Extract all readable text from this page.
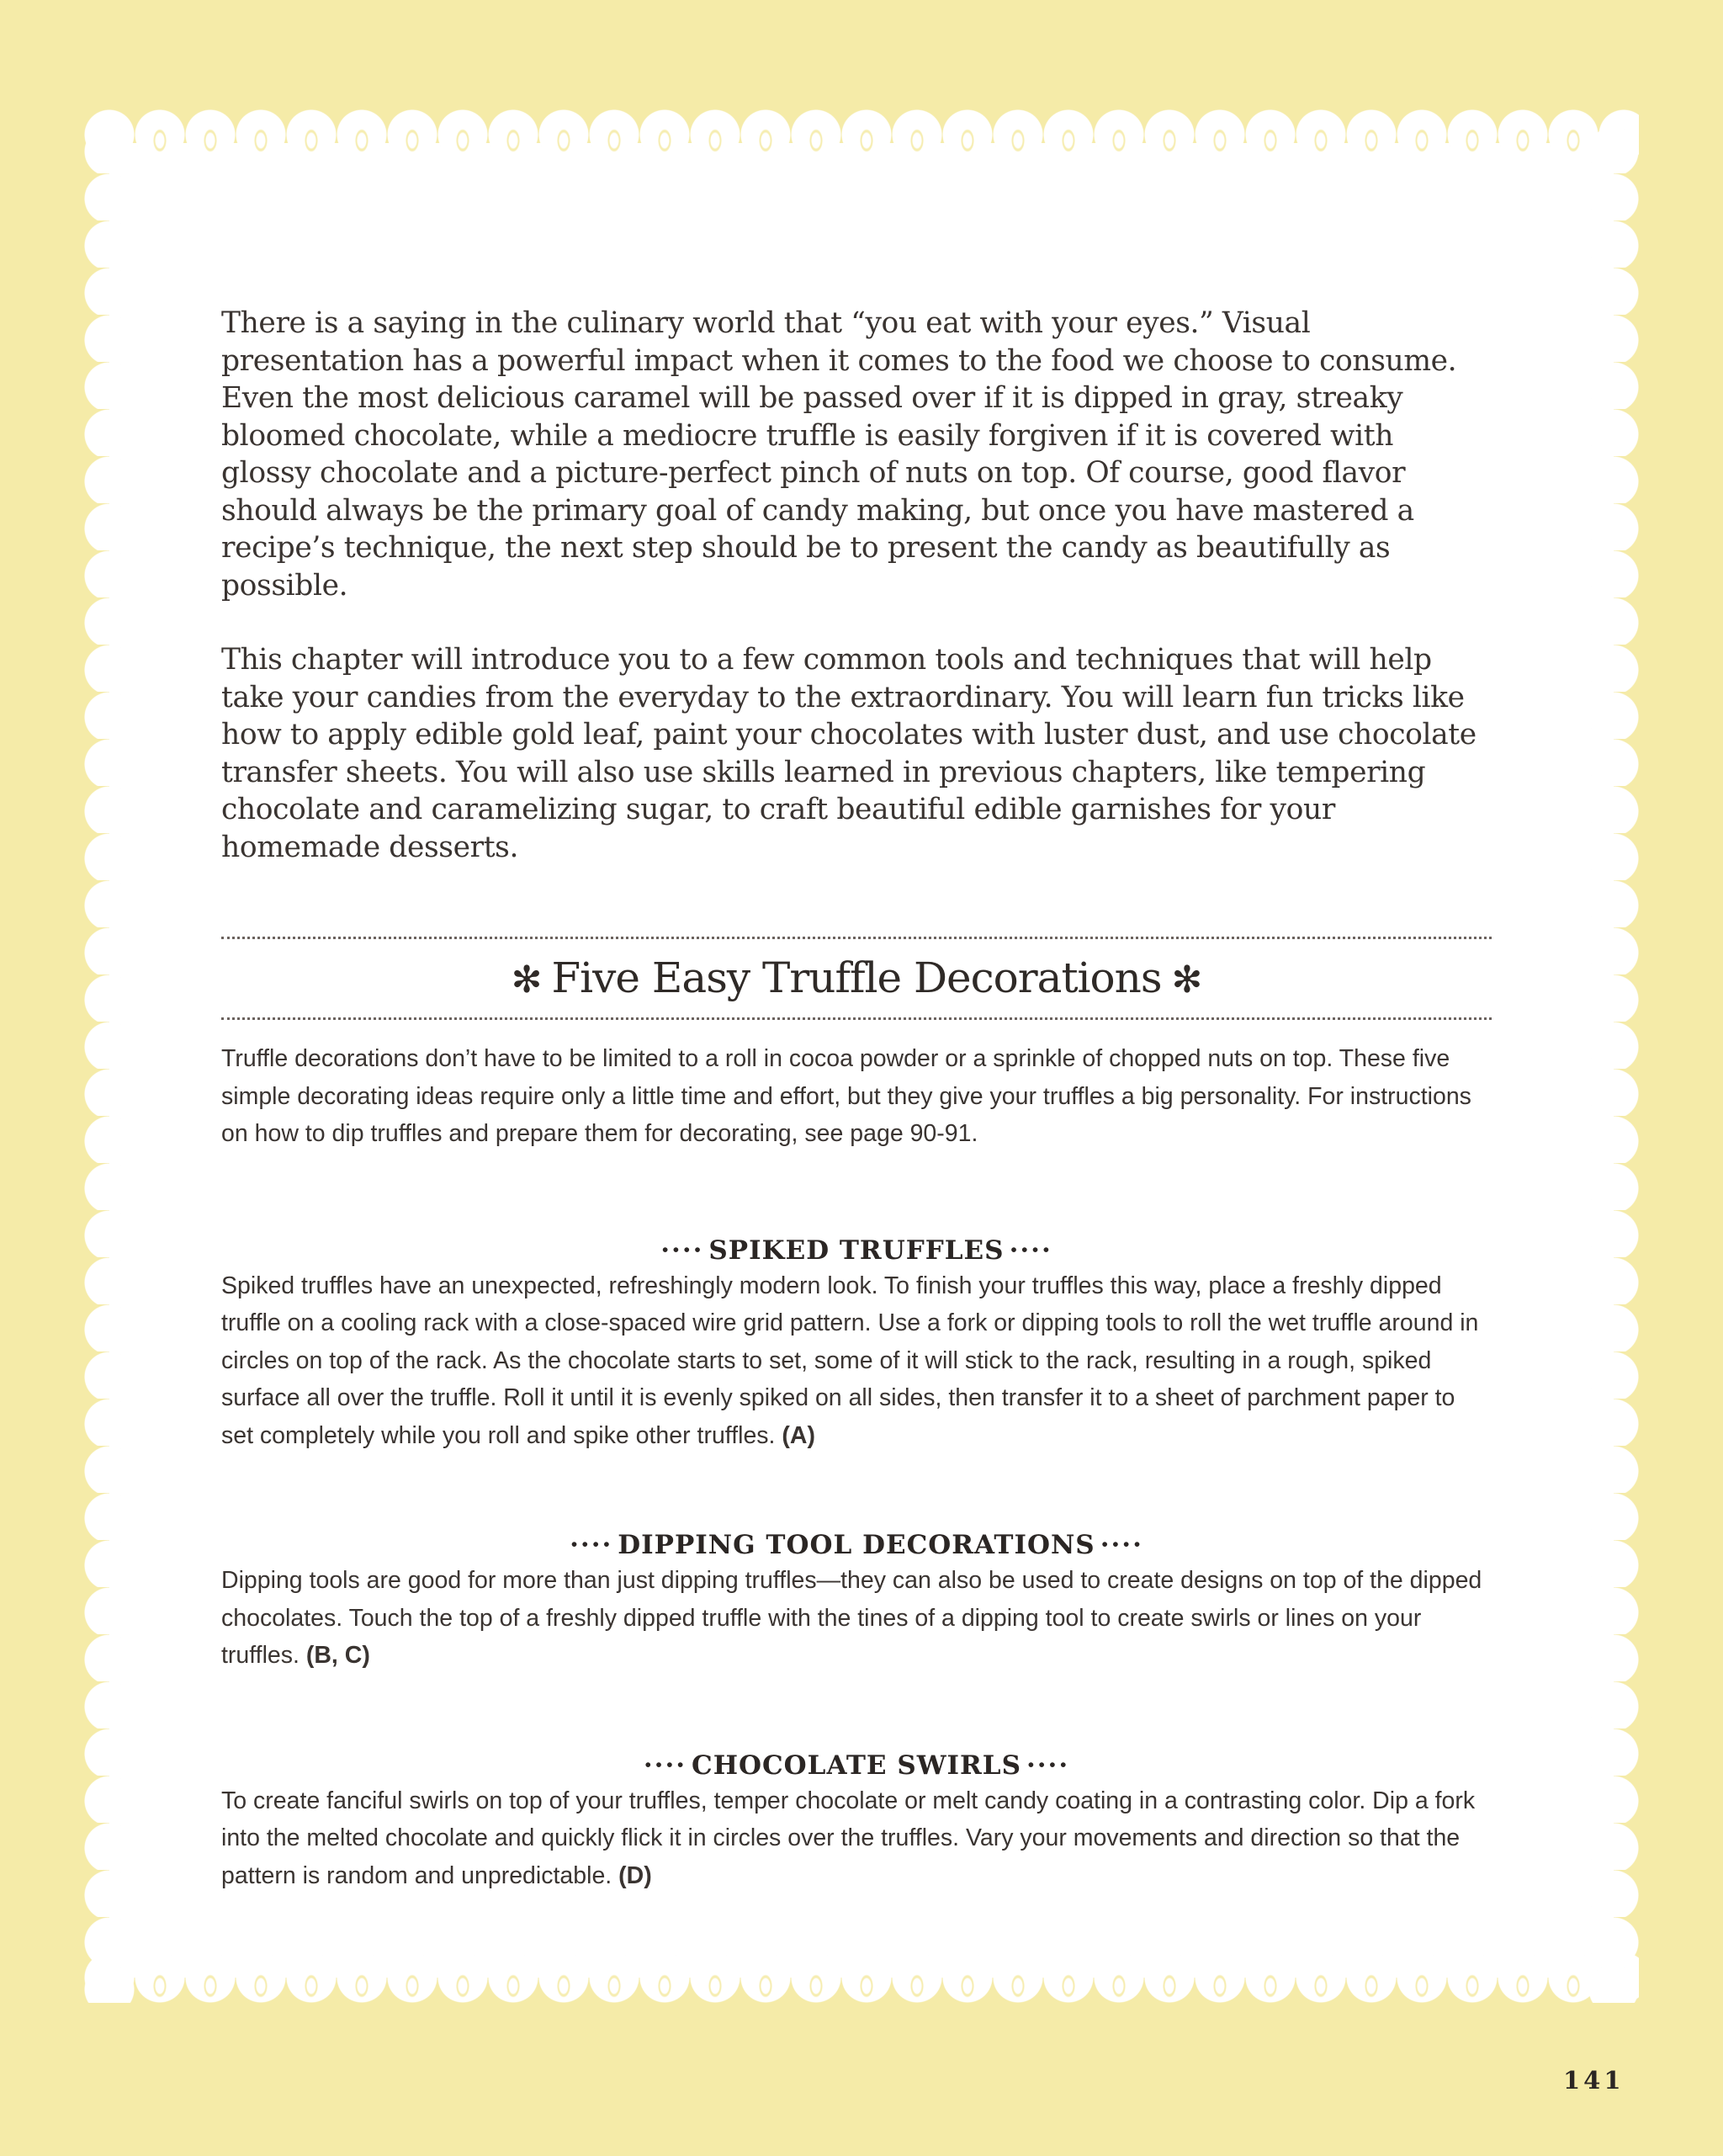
There is a saying in the culinary world that “you eat with your eyes.” Visual presentation has a powerful impact when it comes to the food we choose to consume. Even the most delicious caramel will be passed over if it is dipped in gray, streaky bloomed chocolate, while a mediocre truffle is easily forgiven if it is covered with glossy chocolate and a picture-perfect pinch of nuts on top. Of course, good flavor should always be the primary goal of candy making, but once you have mastered a recipe’s technique, the next step should be to present the candy as beautifully as possible.

This chapter will introduce you to a few common tools and techniques that will help take your candies from the everyday to the extraordinary. You will learn fun tricks like how to apply edible gold leaf, paint your chocolates with luster dust, and use chocolate transfer sheets. You will also use skills learned in previous chapters, like tempering chocolate and caramelizing sugar, to craft beautiful edible garnishes for your homemade desserts.

✻ Five Easy Truffle Decorations ✻

Truffle decorations don’t have to be limited to a roll in cocoa powder or a sprinkle of chopped nuts on top. These five simple decorating ideas require only a little time and effort, but they give your truffles a big personality. For instructions on how to dip truffles and prepare them for decorating, see page 90-91.

···· SPIKED TRUFFLES ····

Spiked truffles have an unexpected, refreshingly modern look. To finish your truffles this way, place a freshly dipped truffle on a cooling rack with a close-spaced wire grid pattern. Use a fork or dipping tools to roll the wet truffle around in circles on top of the rack. As the chocolate starts to set, some of it will stick to the rack, resulting in a rough, spiked surface all over the truffle. Roll it until it is evenly spiked on all sides, then transfer it to a sheet of parchment paper to set completely while you roll and spike other truffles. (A)

···· DIPPING TOOL DECORATIONS ····

Dipping tools are good for more than just dipping truffles—they can also be used to create designs on top of the dipped chocolates. Touch the top of a freshly dipped truffle with the tines of a dipping tool to create swirls or lines on your truffles. (B, C)

···· CHOCOLATE SWIRLS ····

To create fanciful swirls on top of your truffles, temper chocolate or melt candy coating in a contrasting color. Dip a fork into the melted chocolate and quickly flick it in circles over the truffles. Vary your movements and direction so that the pattern is random and unpredictable. (D)

141
